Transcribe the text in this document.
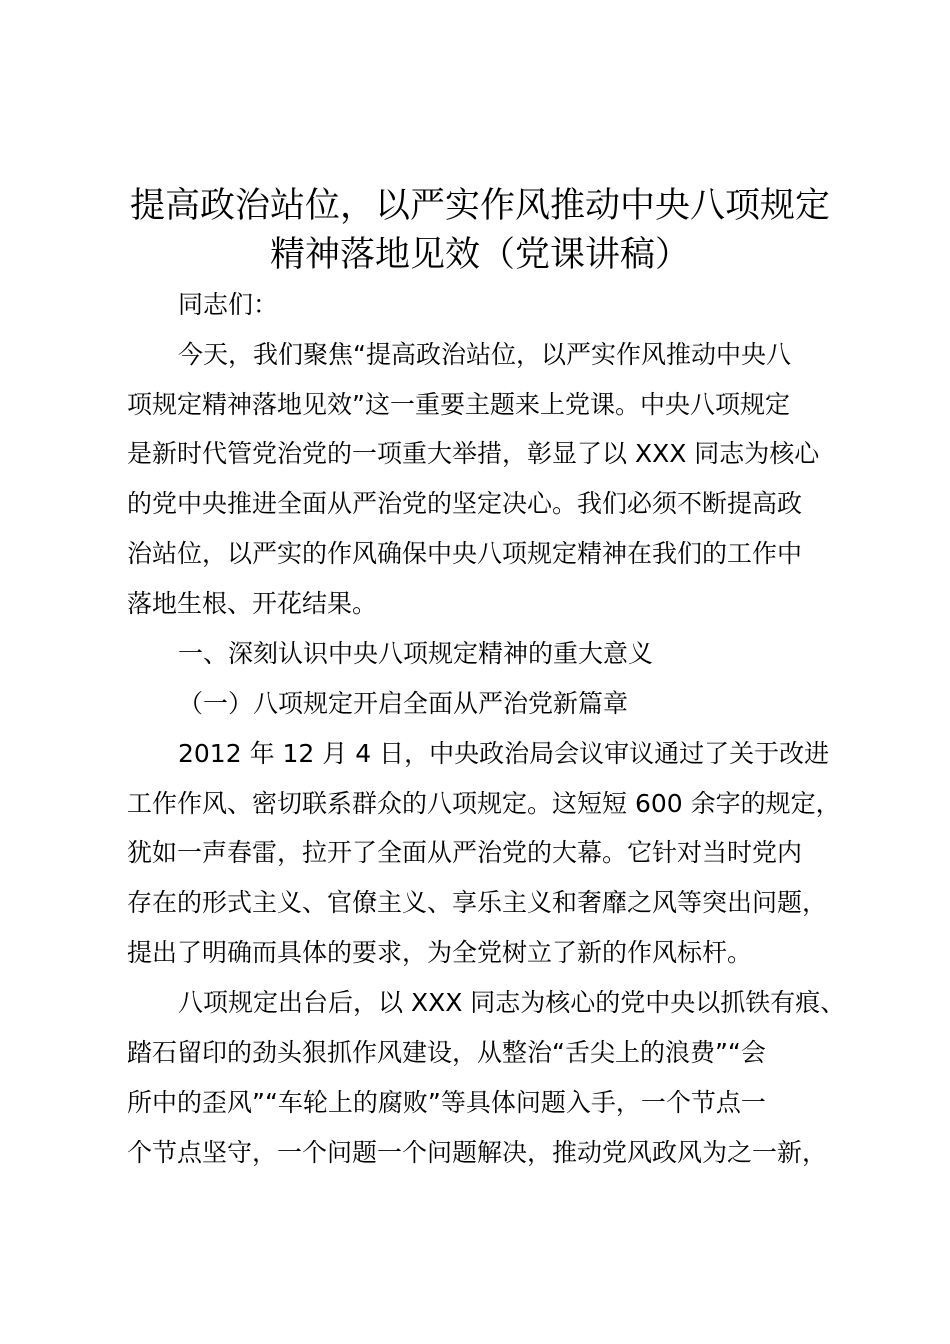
提高政治站位，以严实作风推动中央八项规定
精神落地见效（党课讲稿）

同志们：

今天，我们聚焦“提高政治站位，以严实作风推动中央八

项规定精神落地见效”这一重要主题来上党课。中央八项规定

是新时代管党治党的一项重大举措，彰显了以 XXX 同志为核心

的党中央推进全面从严治党的坚定决心。我们必须不断提高政

治站位，以严实的作风确保中央八项规定精神在我们的工作中

落地生根、开花结果。

一、深刻认识中央八项规定精神的重大意义

（一）八项规定开启全面从严治党新篇章

2012 年 12 月 4 日，中央政治局会议审议通过了关于改进

工作作风、密切联系群众的八项规定。这短短 600 余字的规定，

犹如一声春雷，拉开了全面从严治党的大幕。它针对当时党内

存在的形式主义、官僚主义、享乐主义和奢靡之风等突出问题，

提出了明确而具体的要求，为全党树立了新的作风标杆。

八项规定出台后，以 XXX 同志为核心的党中央以抓铁有痕、

踏石留印的劲头狠抓作风建设，从整治“舌尖上的浪费”“会

所中的歪风”“车轮上的腐败”等具体问题入手，一个节点一

个节点坚守，一个问题一个问题解决，推动党风政风为之一新，
